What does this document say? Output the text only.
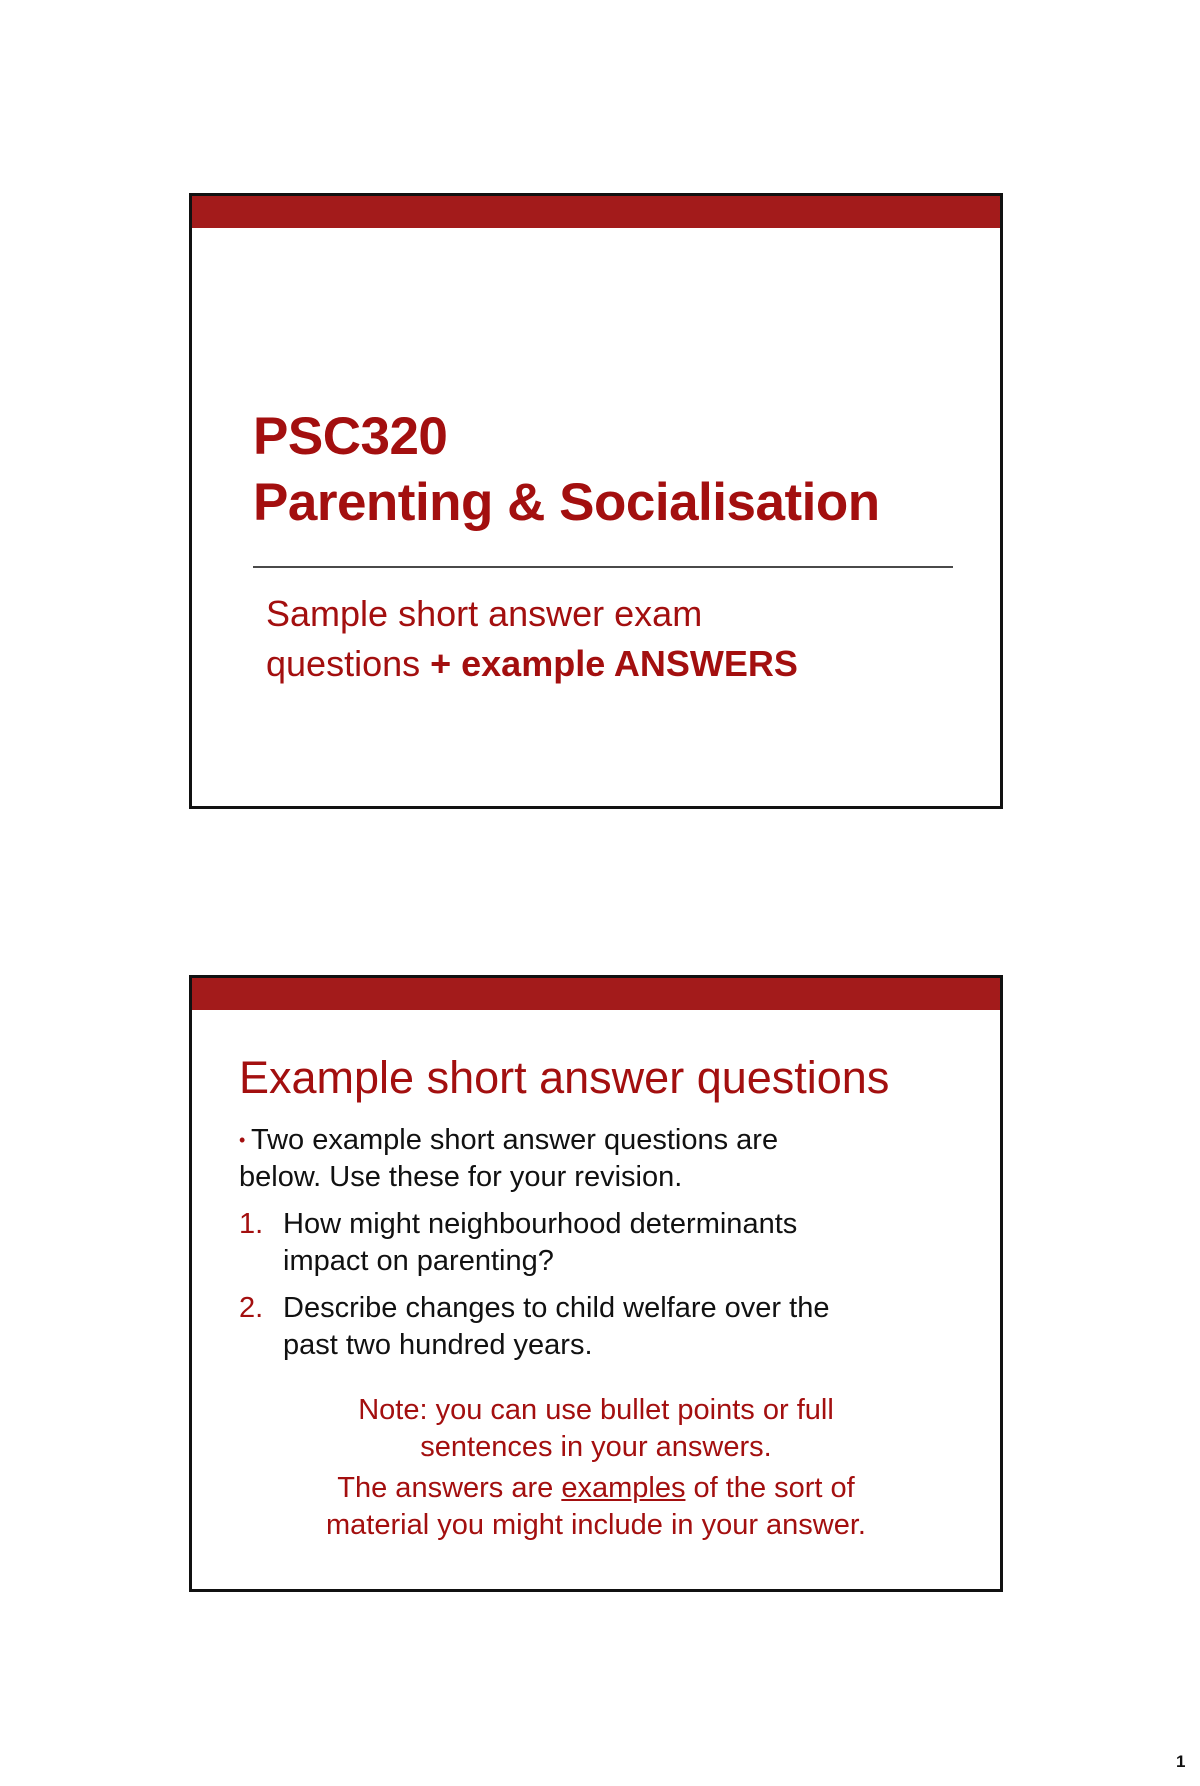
PSC320
Parenting & Socialisation
Sample short answer exam
questions + example ANSWERS
Example short answer questions
• Two example short answer questions are
below. Use these for your revision.
1. How might neighbourhood determinants
impact on parenting?
2. Describe changes to child welfare over the
past two hundred years.
Note: you can use bullet points or full
sentences in your answers.
The answers are examples of the sort of
material you might include in your answer.
1
